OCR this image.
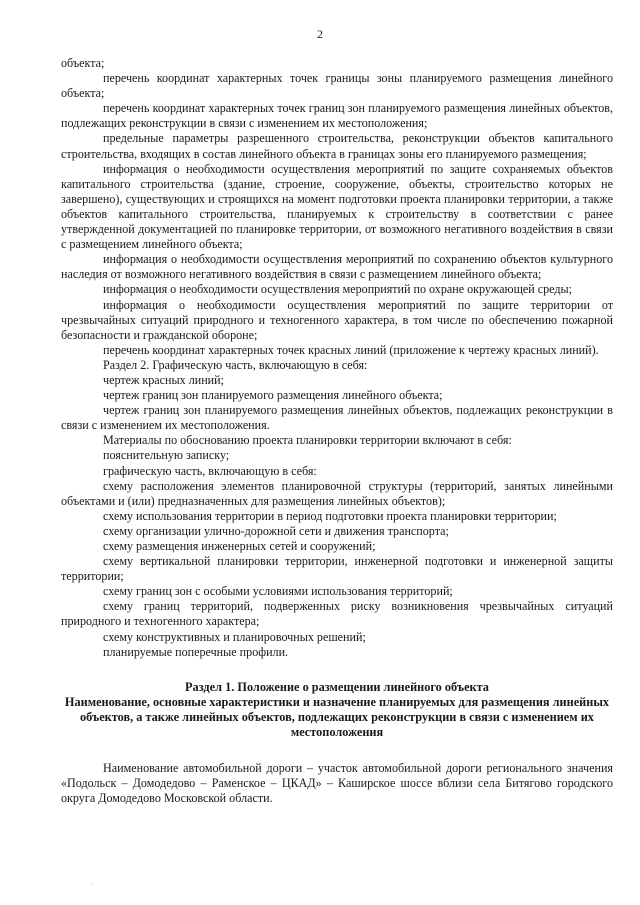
2

объекта;

перечень координат характерных точек границы зоны планируемого размещения линейного объекта;

перечень координат характерных точек границ зон планируемого размещения линейных объектов, подлежащих реконструкции в связи с изменением их местоположения;

предельные параметры разрешенного строительства, реконструкции объектов капитального строительства, входящих в состав линейного объекта в границах зоны его планируемого размещения;

информация о необходимости осуществления мероприятий по защите сохраняемых объектов капитального строительства (здание, строение, сооружение, объекты, строительство которых не завершено), существующих и строящихся на момент подготовки проекта планировки территории, а также объектов капитального строительства, планируемых к строительству в соответствии с ранее утвержденной документацией по планировке территории, от возможного негативного воздействия в связи с размещением линейного объекта;

информация о необходимости осуществления мероприятий по сохранению объектов культурного наследия от возможного негативного воздействия в связи с размещением линейного объекта;

информация о необходимости осуществления мероприятий по охране окружающей среды;

информация о необходимости осуществления мероприятий по защите территории от чрезвычайных ситуаций природного и техногенного характера, в том числе по обеспечению пожарной безопасности и гражданской обороне;

перечень координат характерных точек красных линий (приложение к чертежу красных линий).

Раздел 2. Графическую часть, включающую в себя:

чертеж красных линий;

чертеж границ зон планируемого размещения линейного объекта;

чертеж границ зон планируемого размещения линейных объектов, подлежащих реконструкции в связи с изменением их местоположения.

Материалы по обоснованию проекта планировки территории включают в себя:

пояснительную записку;

графическую часть, включающую в себя:

схему расположения элементов планировочной структуры (территорий, занятых линейными объектами и (или) предназначенных для размещения линейных объектов);

схему использования территории в период подготовки проекта планировки территории;

схему организации улично-дорожной сети и движения транспорта;

схему размещения инженерных сетей и сооружений;

схему вертикальной планировки территории, инженерной подготовки и инженерной защиты территории;

схему границ зон с особыми условиями использования территорий;

схему границ территорий, подверженных риску возникновения чрезвычайных ситуаций природного и техногенного характера;

схему конструктивных и планировочных решений;

планируемые поперечные профили.

Раздел 1. Положение о размещении линейного объекта
Наименование, основные характеристики и назначение планируемых для размещения линейных объектов, а также линейных объектов, подлежащих реконструкции в связи с изменением их местоположения

Наименование автомобильной дороги – участок автомобильной дороги регионального значения «Подольск – Домодедово – Раменское – ЦКАД» – Каширское шоссе вблизи села Битягово городского округа Домодедово Московской области.

·
